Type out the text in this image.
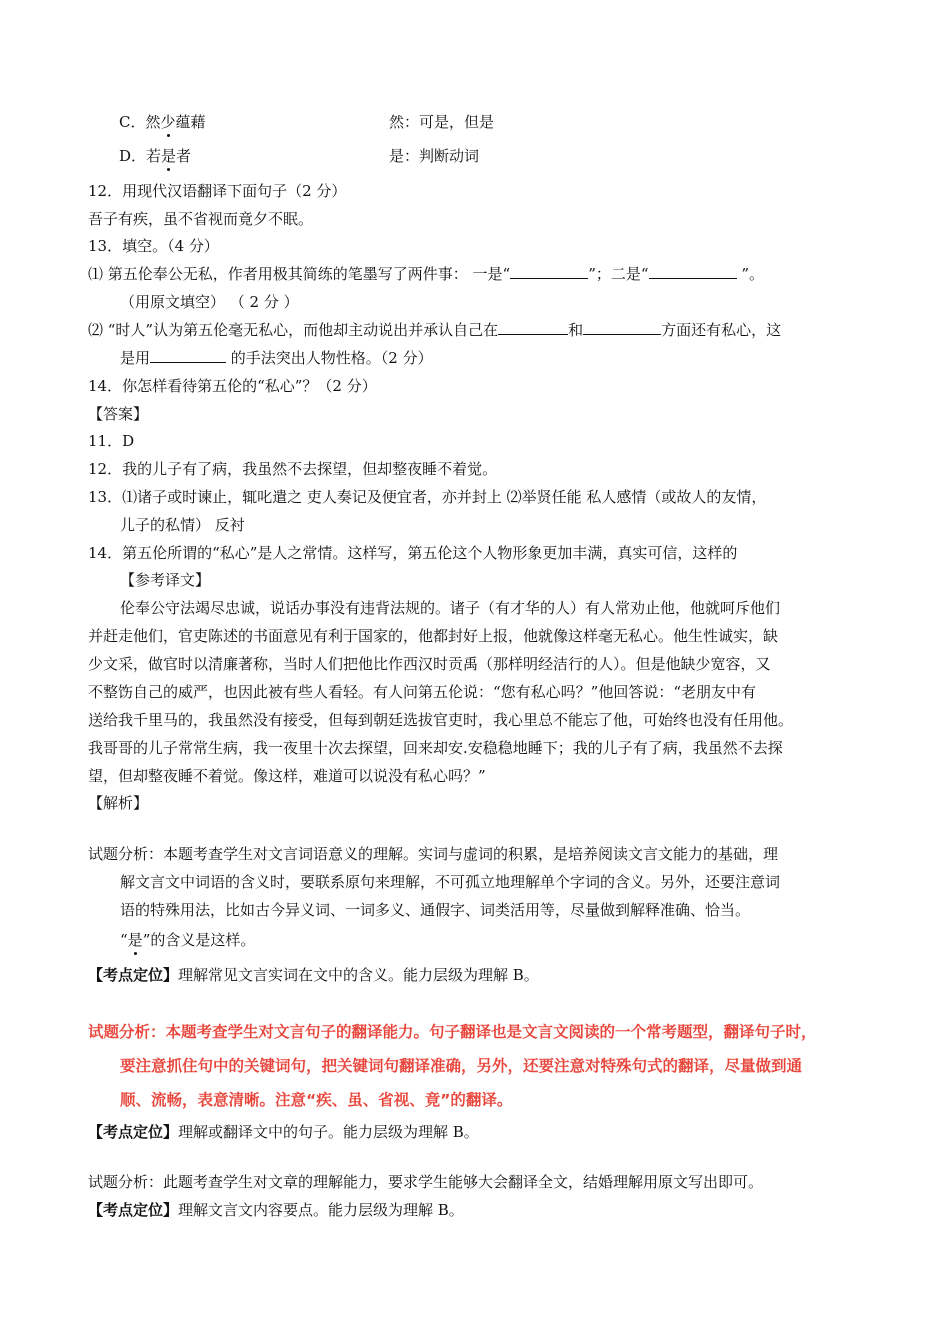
C．然少蕴藉	然：可是，但是
D．若是者	是：判断动词
12．用现代汉语翻译下面句子（2 分）
吾子有疾，虽不省视而竟夕不眠。
13．填空。（4 分）
⑴ 第五伦奉公无私，作者用极其简练的笔墨写了两件事： 一是“	”；二是“	”。
（用原文填空） （ 2 分 ）
⑵ “时人”认为第五伦毫无私心，而他却主动说出并承认自己在	和	方面还有私心，这
是用	的手法突出人物性格。（2 分）
14．你怎样看待第五伦的“私心”？（2 分）
【答案】
11．D
12．我的儿子有了病，我虽然不去探望，但却整夜睡不着觉。
13．⑴诸子或时谏止，辄叱遣之 吏人奏记及便宜者，亦并封上 ⑵举贤任能 私人感情（或故人的友情，
儿子的私情） 反衬
14．第五伦所谓的“私心”是人之常情。这样写，第五伦这个人物形象更加丰满，真实可信，这样的
【参考译文】
伦奉公守法竭尽忠诚，说话办事没有违背法规的。诸子（有才华的人）有人常劝止他，他就呵斥他们
并赶走他们，官吏陈述的书面意见有利于国家的，他都封好上报，他就像这样毫无私心。他生性诚实，缺
少文采，做官时以清廉著称，当时人们把他比作西汉时贡禹（那样明经洁行的人）。但是他缺少宽容，又
不整饬自己的威严，也因此被有些人看轻。有人问第五伦说：“您有私心吗？”他回答说：“老朋友中有
送给我千里马的，我虽然没有接受，但每到朝廷选拔官吏时，我心里总不能忘了他，可始终也没有任用他。
我哥哥的儿子常常生病，我一夜里十次去探望，回来却安.安稳稳地睡下；我的儿子有了病，我虽然不去探
望，但却整夜睡不着觉。像这样，难道可以说没有私心吗？”
【解析】
试题分析：本题考查学生对文言词语意义的理解。实词与虚词的积累，是培养阅读文言文能力的基础，理
解文言文中词语的含义时，要联系原句来理解，不可孤立地理解单个字词的含义。另外，还要注意词
语的特殊用法，比如古今异义词、一词多义、通假字、词类活用等，尽量做到解释准确、恰当。
“是”的含义是这样。
【考点定位】理解常见文言实词在文中的含义。能力层级为理解 B。
试题分析：本题考查学生对文言句子的翻译能力。句子翻译也是文言文阅读的一个常考题型，翻译句子时，
要注意抓住句中的关键词句，把关键词句翻译准确，另外，还要注意对特殊句式的翻译，尽量做到通
顺、流畅，表意清晰。注意“疾、虽、省视、竟”的翻译。
【考点定位】理解或翻译文中的句子。能力层级为理解 B。
试题分析：此题考查学生对文章的理解能力，要求学生能够大会翻译全文，结婚理解用原文写出即可。
【考点定位】理解文言文内容要点。能力层级为理解 B。
